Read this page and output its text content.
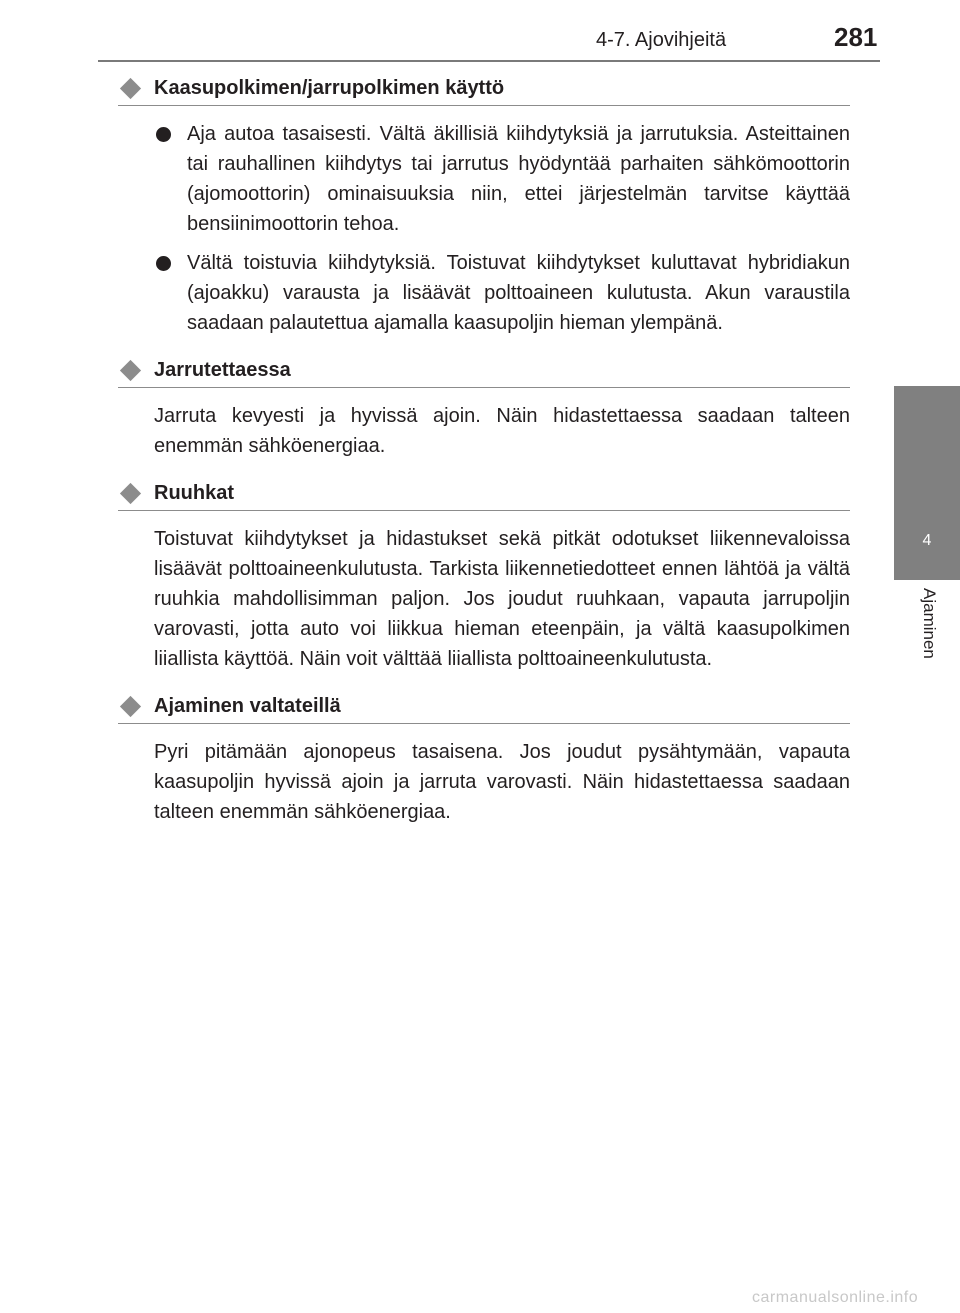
4-7. Ajovihjeitä	281
4
Ajaminen
Kaasupolkimen/jarrupolkimen käyttö
Aja autoa tasaisesti. Vältä äkillisiä kiihdytyksiä ja jarrutuksia. Asteittainen tai rauhallinen kiihdytys tai jarrutus hyödyntää parhaiten sähkömoottorin (ajomoottorin) ominaisuuksia niin, ettei järjestelmän tarvitse käyttää bensiinimoottorin tehoa.
Vältä toistuvia kiihdytyksiä. Toistuvat kiihdytykset kuluttavat hybridiakun (ajoakku) varausta ja lisäävät polttoaineen kulutusta. Akun varaustila saadaan palautettua ajamalla kaasupoljin hieman ylempänä.
Jarrutettaessa
Jarruta kevyesti ja hyvissä ajoin. Näin hidastettaessa saadaan talteen enemmän sähköenergiaa.
Ruuhkat
Toistuvat kiihdytykset ja hidastukset sekä pitkät odotukset liikennevaloissa lisäävät polttoaineenkulutusta. Tarkista liikennetiedotteet ennen lähtöä ja vältä ruuhkia mahdollisimman paljon. Jos joudut ruuhkaan, vapauta jarrupoljin varovasti, jotta auto voi liikkua hieman eteenpäin, ja vältä kaasupolkimen liiallista käyttöä. Näin voit välttää liiallista polttoaineenkulutusta.
Ajaminen valtateillä
Pyri pitämään ajonopeus tasaisena. Jos joudut pysähtymään, vapauta kaasupoljin hyvissä ajoin ja jarruta varovasti. Näin hidastettaessa saadaan talteen enemmän sähköenergiaa.
carmanualsonline.info
